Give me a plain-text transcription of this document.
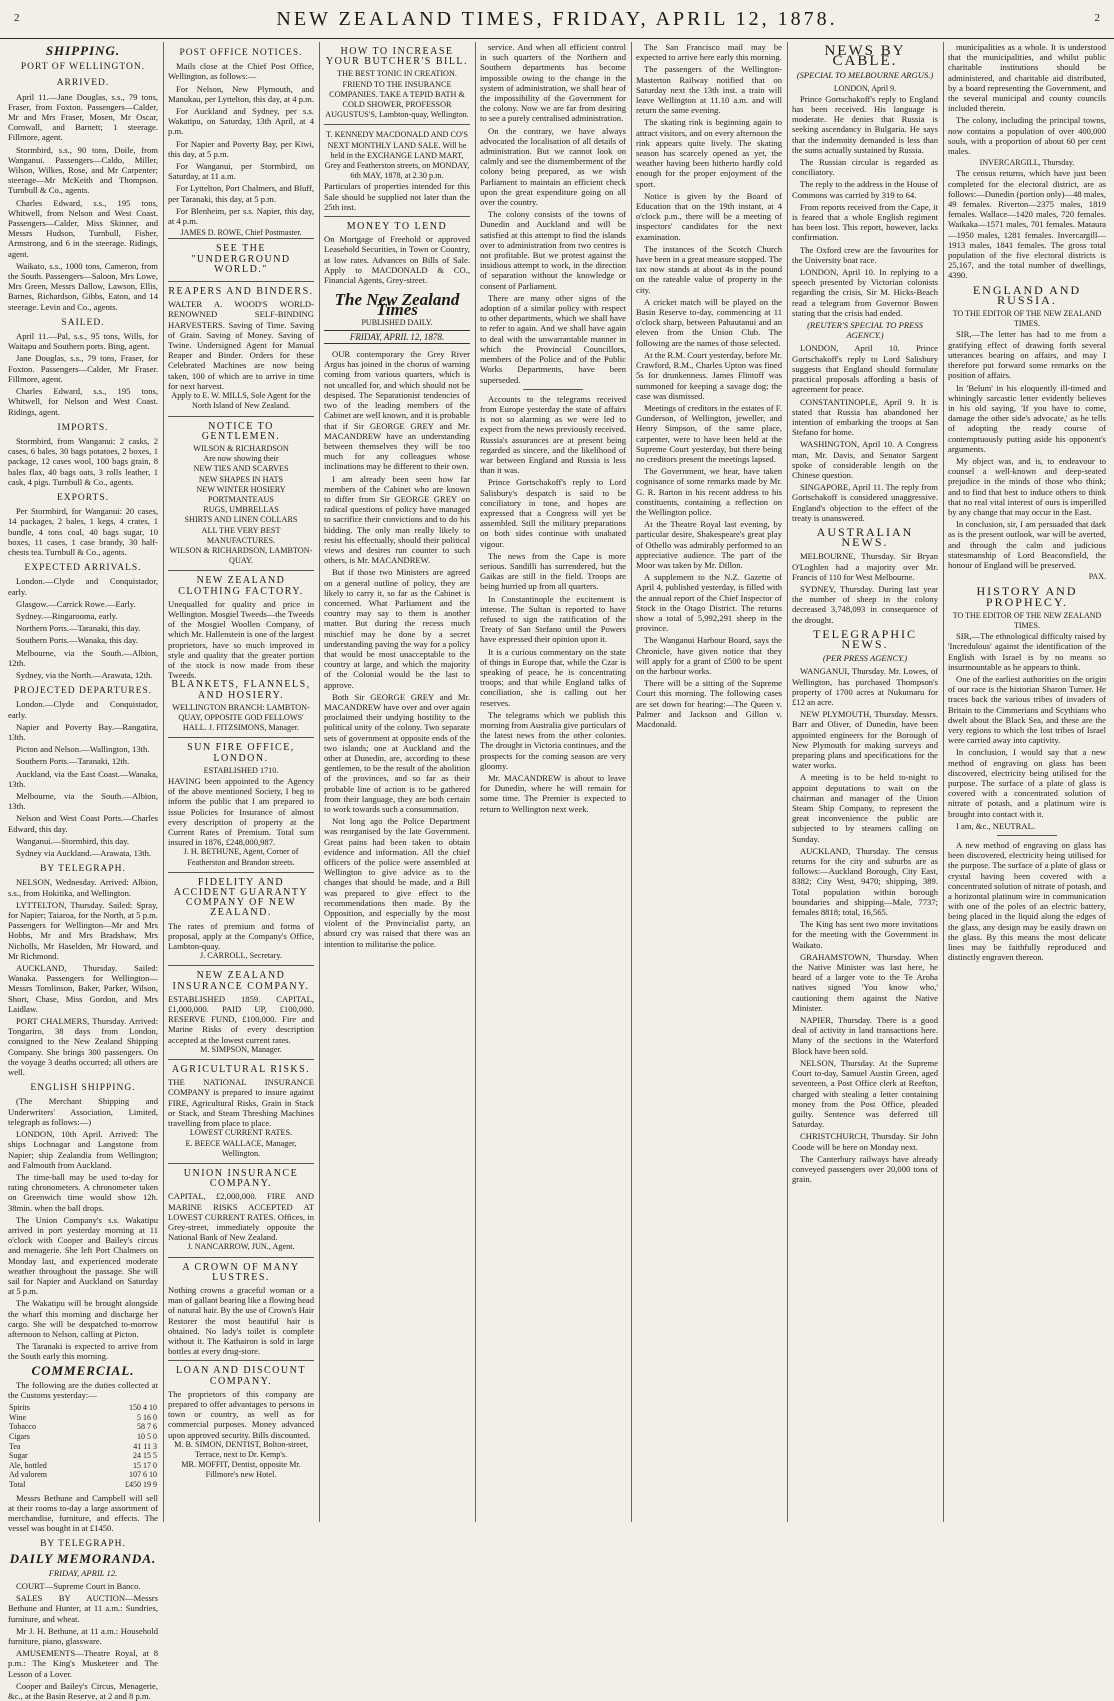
2	NEW ZEALAND TIMES, FRIDAY, APRIL 12, 1878.	2
SHIPPING.
PORT OF WELLINGTON.
ARRIVED.

April 11.—Jane Douglas, s.s., 79 tons, Fraser, from Foxton. Passengers—Calder, Mr and Mrs Fraser, Mosen, Mr Oscar, Cornwall, and Barnett; 1 steerage. Fillmore, agent.

Stormbird, s.s., 90 tons, Doile, from Wanganui. Passengers—Caldo, Miller, Wilson, Wilkes, Rose, and Mr Carpenter; steerage—Mr McKeith and Thompson. Turnbull & Co., agents.

Charles Edward, s.s., 195 tons, Whitwell, from Nelson and West Coast. Passengers—Calder, Miss Skinner, and Messrs Hudson, Turnbull, Fisher, Armstrong, and 6 in the steerage. Ridings, agent.

Waikato, s.s., 1000 tons, Cameron, from the South. Passengers—Saloon, Mrs Lowe, Mrs Green, Messrs Dallow, Lawson, Ellis, Barnes, Richardson, Gibbs, Eaton, and 14 steerage. Levin and Co., agents.

SAILED.

April 11.—Pal, s.s., 95 tons, Wills, for Waitapu and Southern ports. Bing, agent.

Jane Douglas, s.s., 79 tons, Fraser, for Foxton. Passengers—Calder, Mr Fraser. Fillmore, agent.

Charles Edward, s.s., 195 tons, Whitwell, for Nelson and West Coast. Ridings, agent.

IMPORTS.

Stormbird, from Wanganui: 2 casks, 2 cases, 6 bales, 30 bags potatoes, 2 boxes, 1 package, 12 cases wool, 100 bags grain, 8 bales flax, 40 bags oats, 3 rolls leather, 1 cask, 4 pigs. Turnbull & Co., agents.

EXPORTS.

Per Stormbird, for Wanganui: 20 cases, 14 packages, 2 bales, 1 kegs, 4 crates, 1 bundle, 4 tons coal, 40 bags sugar, 10 boxes, 11 cases, 1 case brandy, 30 half-chests tea. Turnbull & Co., agents.

EXPECTED ARRIVALS.

London.—Clyde and Conquistador, early.

Glasgow.—Carrick Rowe.—Early.

Sydney.—Ringarooma, early.

Northern Ports.—Taranaki, this day.

Southern Ports.—Wanaka, this day.

Melbourne, via the South.—Albion, 12th.

Sydney, via the North.—Arawata, 12th.

PROJECTED DEPARTURES.

London.—Clyde and Conquistador, early.

Napier and Poverty Bay.—Rangatira, 13th.

Picton and Nelson.—Wallington, 13th.

Southern Ports.—Taranaki, 12th.

Auckland, via the East Coast.—Wanaka, 13th.

Melbourne, via the South.—Albion, 13th.

Nelson and West Coast Ports.—Charles Edward, this day.

Wanganui.—Stormbird, this day.

Sydney via Auckland.—Arawata, 13th.

BY TELEGRAPH.

NELSON, Wednesday. Arrived: Albion, s.s., from Hokitika, and Wellington.

LYTTELTON, Thursday. Sailed: Spray, for Napier; Taiaroa, for the North, at 5 p.m. Passengers for Wellington—Mr and Mrs Hobbs, Mr and Mrs Bradshaw, Mrs Nicholls, Mr Haselden, Mr Howard, and Mr Richmond.

AUCKLAND, Thursday. Sailed: Wanaka. Passengers for Wellington—Messrs Tomlinson, Baker, Parker, Wilson, Short, Chase, Miss Gordon, and Mrs Laidlaw.

PORT CHALMERS, Thursday. Arrived: Tongariro, 38 days from London, consigned to the New Zealand Shipping Company. She brings 300 passengers. On the voyage 3 deaths occurred; all others are well.

ENGLISH SHIPPING.

(The Merchant Shipping and Underwriters' Association, Limited, telegraph as follows:—)

LONDON, 10th April. Arrived: The ships Lochnagar and Langstone from Napier; ship Zealandia from Wellington; and Falmouth from Auckland.

The time-ball may be used to-day for rating chronometers. A chronometer taken on Greenwich time would show 12h. 38min. when the ball drops.

The Union Company's s.s. Wakatipu arrived in port yesterday morning at 11 o'clock with Cooper and Bailey's circus and menagerie. She left Port Chalmers on Monday last, and experienced moderate weather throughout the passage. She will sail for Napier and Auckland on Saturday at 5 p.m.

The Wakatipu will be brought alongside the wharf this morning and discharge her cargo. She will be despatched to-morrow afternoon to Nelson, calling at Picton.

The Taranaki is expected to arrive from the South early this morning.

COMMERCIAL.

The following are the duties collected at the Customs yesterday:—

Spirits	150 4 10
Wine	5 16 0
Tobacco	58 7 6
Cigars	10 5 0
Tea	41 11 3
Sugar	24 15 5
Ale, bottled	15 17 0
Ad valorem	107 6 10
Total	£450 19 9

Messrs Bethune and Campbell will sell at their rooms to-day a large assortment of merchandise, furniture, and effects. The vessel was bought in at £1450.

BY TELEGRAPH.
DAILY MEMORANDA.
FRIDAY, APRIL 12.

COURT—Supreme Court in Banco.

SALES BY AUCTION—Messrs Bethune and Hunter, at 11 a.m.: Sundries, furniture, and wheat.

Mr J. H. Bethune, at 11 a.m.: Household furniture, piano, glassware.

AMUSEMENTS—Theatre Royal, at 8 p.m.: The King's Musketeer and The Lesson of a Lover.

Cooper and Bailey's Circus, Menagerie, &c., at the Basin Reserve, at 2 and 8 p.m.

POST OFFICE NOTICES.

Mails close at the Chief Post Office, Wellington, as follows:—

For Nelson, New Plymouth, and Manukau, per Lyttelton, this day, at 4 p.m.

For Auckland and Sydney, per s.s. Wakatipu, on Saturday, 13th April, at 4 p.m.

For Napier and Poverty Bay, per Kiwi, this day, at 5 p.m.

For Wanganui, per Stormbird, on Saturday, at 11 a.m.

For Lyttelton, Port Chalmers, and Bluff, per Taranaki, this day, at 5 p.m.

For Blenheim, per s.s. Napier, this day, at 4 p.m.

JAMES D. ROWE, Chief Postmaster.
SEE THE "UNDERGROUND WORLD."
REAPERS AND BINDERS.
WALTER A. WOOD'S WORLD-RENOWNED SELF-BINDING HARVESTERS. Saving of Time. Saving of Grain. Saving of Money. Saving of Twine. Undersigned Agent for Manual Reaper and Binder. Orders for these Celebrated Machines are now being taken, 100 of which are to arrive in time for next harvest.
Apply to E. W. MILLS, Sole Agent for the North Island of New Zealand.
NOTICE TO GENTLEMEN.
WILSON & RICHARDSON
Are now showing their
NEW TIES AND SCARVES
NEW SHAPES IN HATS
NEW WINTER HOSIERY
PORTMANTEAUS
RUGS, UMBRELLAS
SHIRTS AND LINEN COLLARS
ALL THE VERY BEST MANUFACTURES.
WILSON & RICHARDSON, LAMBTON-QUAY.
NEW ZEALAND CLOTHING FACTORY.
Unequalled for quality and price in Wellington. Mosgiel Tweeds—the Tweeds of the Mosgiel Woollen Company, of which Mr. Hallenstein is one of the largest proprietors, have so much improved in style and quality that the greater portion of the stock is now made from these Tweeds.
BLANKETS, FLANNELS, AND HOSIERY.
WELLINGTON BRANCH: LAMBTON-QUAY, OPPOSITE GOD FELLOWS' HALL. J. FITZSIMONS, Manager.
SUN FIRE OFFICE, LONDON.
ESTABLISHED 1710.
HAVING been appointed to the Agency of the above mentioned Society, I beg to inform the public that I am prepared to issue Policies for Insurance of almost every description of property at the Current Rates of Premium. Total sum insured in 1876, £248,000,987.
J. H. BETHUNE, Agent, Corner of Featherston and Brandon streets.
FIDELITY AND ACCIDENT GUARANTY COMPANY OF NEW ZEALAND.
The rates of premium and forms of proposal, apply at the Company's Office, Lambton-quay.
J. CARROLL, Secretary.
NEW ZEALAND INSURANCE COMPANY.
ESTABLISHED 1859. CAPITAL, £1,000,000. PAID UP, £100,000. RESERVE FUND, £100,000. Fire and Marine Risks of every description accepted at the lowest current rates.
M. SIMPSON, Manager.
AGRICULTURAL RISKS.
THE NATIONAL INSURANCE COMPANY is prepared to insure against FIRE, Agricultural Risks, Grain in Stack or Stack, and Steam Threshing Machines travelling from place to place.
LOWEST CURRENT RATES.
E. BEECE WALLACE, Manager, Wellington.
UNION INSURANCE COMPANY.
CAPITAL, £2,000,000. FIRE AND MARINE RISKS ACCEPTED AT LOWEST CURRENT RATES. Offices, in Grey-street, immediately opposite the National Bank of New Zealand.
J. NANCARROW, JUN., Agent.
A CROWN OF MANY LUSTRES.
Nothing crowns a graceful woman or a man of gallant bearing like a flowing head of natural hair. By the use of Crown's Hair Restorer the most beautiful hair is obtained. No lady's toilet is complete without it. The Kathairon is sold in large bottles at every drug-store.
LOAN AND DISCOUNT COMPANY.
The proprietors of this company are prepared to offer advantages to persons in town or country, as well as for commercial purposes. Money advanced upon approved security. Bills discounted.
M. B. SIMON, DENTIST, Bolton-street, Terrace, next to Dr. Kemp's.
MR. MOFFIT, Dentist, opposite Mr. Fillmore's new Hotel.
HOW TO INCREASE YOUR BUTCHER'S BILL.
THE BEST TONIC IN CREATION. FRIEND TO THE INSURANCE COMPANIES. TAKE A TEPID BATH & COLD SHOWER, PROFESSOR AUGUSTUS'S, Lambton-quay, Wellington.
T. KENNEDY MACDONALD AND CO'S NEXT MONTHLY LAND SALE. Will be held in the EXCHANGE LAND MART, Grey and Featherston streets, on MONDAY, 6th MAY, 1878, at 2.30 p.m.
Particulars of properties intended for this Sale should be supplied not later than the 25th inst.
MONEY TO LEND
On Mortgage of Freehold or approved Leasehold Securities, in Town or Country, at low rates. Advances on Bills of Sale. Apply to MACDONALD & CO., Financial Agents, Grey-street.
The New Zealand Times
PUBLISHED DAILY.
FRIDAY, APRIL 12, 1878.

OUR contemporary the Grey River Argus has joined in the chorus of warning coming from various quarters, which is not uncalled for, and which should not be despised. The Separationist tendencies of two of the leading members of the Cabinet are well known, and it is probable that if Sir GEORGE GREY and Mr. MACANDREW have an understanding between themselves they will be too much for any colleagues whose inclinations may be different to their own.

I am already been seen how far members of the Cabinet who are known to differ from Sir GEORGE GREY on radical questions of policy have managed to sacrifice their convictions and to do his bidding. The only man really likely to resist his effectually, should their political views and desires run counter to such others, is Mr. MACANDREW.

But if those two Ministers are agreed on a general outline of policy, they are likely to carry it, so far as the Cabinet is concerned. What Parliament and the country may say to them is another matter. But during the recess much mischief may be done by a secret understanding paving the way for a policy that would be most unacceptable to the country at large, and which the majority of the Colonial would be the last to approve.

Both Sir GEORGE GREY and Mr. MACANDREW have over and over again proclaimed their undying hostility to the political unity of the colony. Two separate sets of government at opposite ends of the two islands; one at Auckland and the other at Dunedin, are, according to these gentlemen, to be the result of the abolition of the provinces, and so far as their probable line of action is to be gathered from their language, they are both certain to work towards such a consummation.

Not long ago the Police Department was reorganised by the late Government. Great pains had been taken to obtain evidence and information. All the chief officers of the police were assembled at Wellington to give advice as to the changes that should be made, and a Bill was prepared to give effect to the recommendations then made. By the Opposition, and especially by the most violent of the Provincialist party, an absurd cry was raised that there was an intention to militarise the police.

service. And when all efficient control in such quarters of the Northern and Southern departments has become impossible owing to the change in the system of administration, we shall hear of the impossibility of the Government for the colony. Now we are far from desiring to see a purely centralised administration.

On the contrary, we have always advocated the localisation of all details of administration. But we cannot look on calmly and see the dismemberment of the colony being prepared, as we wish Parliament to maintain an efficient check upon the great expenditure going on all over the country.

The colony consists of the towns of Dunedin and Auckland and will be satisfied at this attempt to find the islands over to administration from two centres is not profitable. But we protest against the insidious attempt to work, in the direction of separation without the knowledge or consent of Parliament.

There are many other signs of the adoption of a similar policy with respect to other departments, which we shall have to refer to again. And we shall have again to deal with the unwarrantable manner in which the Provincial Councillors, members of the Police and of the Public Works Departments, have been superseded.

Accounts to the telegrams received from Europe yesterday the state of affairs is not so alarming as we were led to expect from the news previously received. Russia's assurances are at present being regarded as sincere, and the likelihood of war between England and Russia is less than it was.

Prince Gortschakoff's reply to Lord Salisbury's despatch is said to be conciliatory in tone, and hopes are expressed that a Congress will yet be assembled. Still the military preparations on both sides continue with unabated vigour.

The news from the Cape is more serious. Sandilli has surrendered, but the Gaikas are still in the field. Troops are being hurried up from all quarters.

In Constantinople the excitement is intense. The Sultan is reported to have refused to sign the ratification of the Treaty of San Stefano until the Powers have expressed their opinion upon it.

It is a curious commentary on the state of things in Europe that, while the Czar is speaking of peace, he is concentrating troops; and that while England talks of conciliation, she is calling out her reserves.

The telegrams which we publish this morning from Australia give particulars of the latest news from the other colonies. The drought in Victoria continues, and the prospects for the coming season are very gloomy.

Mr. MACANDREW is about to leave for Dunedin, where he will remain for some time. The Premier is expected to return to Wellington next week.

The San Francisco mail may be expected to arrive here early this morning.

The passengers of the Wellington-Masterton Railway notified that on Saturday next the 13th inst. a train will leave Wellington at 11.10 a.m. and will return the same evening.

The skating rink is beginning again to attract visitors, and on every afternoon the rink appears quite lively. The skating season has scarcely opened as yet, the weather having been hitherto hardly cold enough for the proper enjoyment of the sport.

Notice is given by the Board of Education that on the 19th instant, at 4 o'clock p.m., there will be a meeting of inspectors' candidates for the next examination.

The instances of the Scotch Church have been in a great measure stopped. The tax now stands at about 4s in the pound on the rateable value of property in the city.

A cricket match will be played on the Basin Reserve to-day, commencing at 11 o'clock sharp, between Pahautanui and an eleven from the Union Club. The following are the names of those selected.

At the R.M. Court yesterday, before Mr. Crawford, R.M., Charles Upton was fined 5s for drunkenness. James Flintoff was summoned for keeping a savage dog; the case was dismissed.

Meetings of creditors in the estates of F. Gunderson, of Wellington, jeweller, and Henry Simpson, of the same place, carpenter, were to have been held at the Supreme Court yesterday, but there being no creditors present the meetings lapsed.

The Government, we hear, have taken cognisance of some remarks made by Mr. G. R. Barton in his recent address to his constituents, containing a reflection on the Wellington police.

At the Theatre Royal last evening, by particular desire, Shakespeare's great play of Othello was admirably performed to an appreciative audience. The part of the Moor was taken by Mr. Dillon.

A supplement to the N.Z. Gazette of April 4, published yesterday, is filled with the annual report of the Chief Inspector of Stock in the Otago District. The returns show a total of 5,992,291 sheep in the province.

The Wanganui Harbour Board, says the Chronicle, have given notice that they will apply for a grant of £500 to be spent on the harbour works.

There will be a sitting of the Supreme Court this morning. The following cases are set down for hearing:—The Queen v. Palmer and Jackson and Gillon v. Macdonald.

NEWS BY CABLE.
(SPECIAL TO MELBOURNE ARGUS.)
LONDON, April 9.

Prince Gortschakoff's reply to England has been received. His language is moderate. He denies that Russia is seeking ascendancy in Bulgaria. He says that the indemnity demanded is less than the sums actually sustained by Russia.

The Russian circular is regarded as conciliatory.

The reply to the address in the House of Commons was carried by 319 to 64.

From reports received from the Cape, it is feared that a whole English regiment has been lost. This report, however, lacks confirmation.

The Oxford crew are the favourites for the University boat race.

LONDON, April 10. In replying to a speech presented by Victorian colonists regarding the crisis, Sir M. Hicks-Beach read a telegram from Governor Bowen stating that the crisis had ended.

(REUTER'S SPECIAL TO PRESS AGENCY.)

LONDON, April 10. Prince Gortschakoff's reply to Lord Salisbury suggests that England should formulate practical proposals affording a basis of agreement for peace.

CONSTANTINOPLE, April 9. It is stated that Russia has abandoned her intention of embarking the troops at San Stefano for home.

WASHINGTON, April 10. A Congress man, Mr. Davis, and Senator Sargent spoke of considerable length on the Chinese question.

SINGAPORE, April 11. The reply from Gortschakoff is considered unaggressive. England's objection to the effect of the treaty is unanswered.

AUSTRALIAN NEWS.

MELBOURNE, Thursday. Sir Bryan O'Loghlen had a majority over Mr. Francis of 110 for West Melbourne.

SYDNEY, Thursday. During last year the number of sheep in the colony decreased 3,748,093 in consequence of the drought.

TELEGRAPHIC NEWS.
(PER PRESS AGENCY.)

WANGANUI, Thursday. Mr. Lowes, of Wellington, has purchased Thompson's property of 1700 acres at Nukumaru for £12 an acre.

NEW PLYMOUTH, Thursday. Messrs. Barr and Oliver, of Dunedin, have been appointed engineers for the Borough of New Plymouth for making surveys and preparing plans and specifications for the water works.

A meeting is to be held to-night to appoint deputations to wait on the chairman and manager of the Union Steam Ship Company, to represent the great inconvenience the public are subjected to by steamers calling on Sunday.

AUCKLAND, Thursday. The census returns for the city and suburbs are as follows:—Auckland Borough, City East, 8382; City West, 9470; shipping, 389. Total population within borough boundaries and shipping—Male, 7737; females 8818; total, 16,565.

The King has sent two more invitations for the meeting with the Government in Waikato.

GRAHAMSTOWN, Thursday. When the Native Minister was last here, he heard of a larger vote to the Te Aroha natives signed 'You know who,' cautioning them against the Native Minister.

NAPIER, Thursday. There is a good deal of activity in land transactions here. Many of the sections in the Waterford Block have been sold.

NELSON, Thursday. At the Supreme Court to-day, Samuel Austin Green, aged seventeen, a Post Office clerk at Reefton, charged with stealing a letter containing money from the Post Office, pleaded guilty. Sentence was deferred till Saturday.

CHRISTCHURCH, Thursday. Sir John Coode will be here on Monday next.

The Canterbury railways have already conveyed passengers over 20,000 tons of grain.

municipalities as a whole. It is understood that the municipalities, and whilst public charitable institutions should be administered, and charitable aid distributed, by a board representing the Government, and the several municipal and county councils included therein.

The colony, including the principal towns, now contains a population of over 400,000 souls, with a proportion of about 60 per cent males.

INVERCARGILL, Thursday.

The census returns, which have just been completed for the electoral district, are as follows:—Dunedin (portion only)—48 males, 49 females. Riverton—2375 males, 1819 females. Wallace—1420 males, 720 females. Waikaka—1571 males, 701 females. Mataura—1950 males, 1281 females. Invercargill—1913 males, 1841 females. The gross total population of the five electoral districts is 25,167, and the total number of dwellings, 4390.

ENGLAND AND RUSSIA.
TO THE EDITOR OF THE NEW ZEALAND TIMES.

SIR,—The letter has had to me from a gratifying effect of drawing forth several utterances bearing on affairs, and may I therefore put forward some remarks on the position of affairs.

In 'Belum' in his eloquently ill-timed and whiningly sarcastic letter evidently believes in his old saying, 'If you have to come, damage the other side's advocate,' as he tells of adopting the ready course of contemptuously putting aside his opponent's arguments.

My object was, and is, to endeavour to counsel a well-known and deep-seated prejudice in the minds of those who think; and to find that best to induce others to think that no real vital interest of ours is imperilled by any change that may occur in the East.

In conclusion, sir, I am persuaded that dark as is the present outlook, war will be averted, and through the calm and judicious statesmanship of Lord Beaconsfield, the honour of England will be preserved.

PAX.
HISTORY AND PROPHECY.
TO THE EDITOR OF THE NEW ZEALAND TIMES.

SIR,—The ethnological difficulty raised by 'Incredulous' against the identification of the English with Israel is by no means so insurmountable as he appears to think.

One of the earliest authorities on the origin of our race is the historian Sharon Turner. He traces back the various tribes of invaders of Britain to the Cimmerians and Scythians who dwelt about the Black Sea, and these are the very regions to which the lost tribes of Israel were carried away into captivity.

In conclusion, I would say that a new method of engraving on glass has been discovered, electricity being utilised for the purpose. The surface of a plate of glass is covered with a concentrated solution of nitrate of potash, and a platinum wire is brought into contact with it.

I am, &c., NEUTRAL.

A new method of engraving on glass has been discovered, electricity being utilised for the purpose. The surface of a plate of glass or crystal having been covered with a concentrated solution of nitrate of potash, and a horizontal platinum wire in communication with one of the poles of an electric battery, being placed in the liquid along the edges of the glass, any design may be easily drawn on the glass. By this means the most delicate lines may be faithfully reproduced and distinctly engraven thereon.
